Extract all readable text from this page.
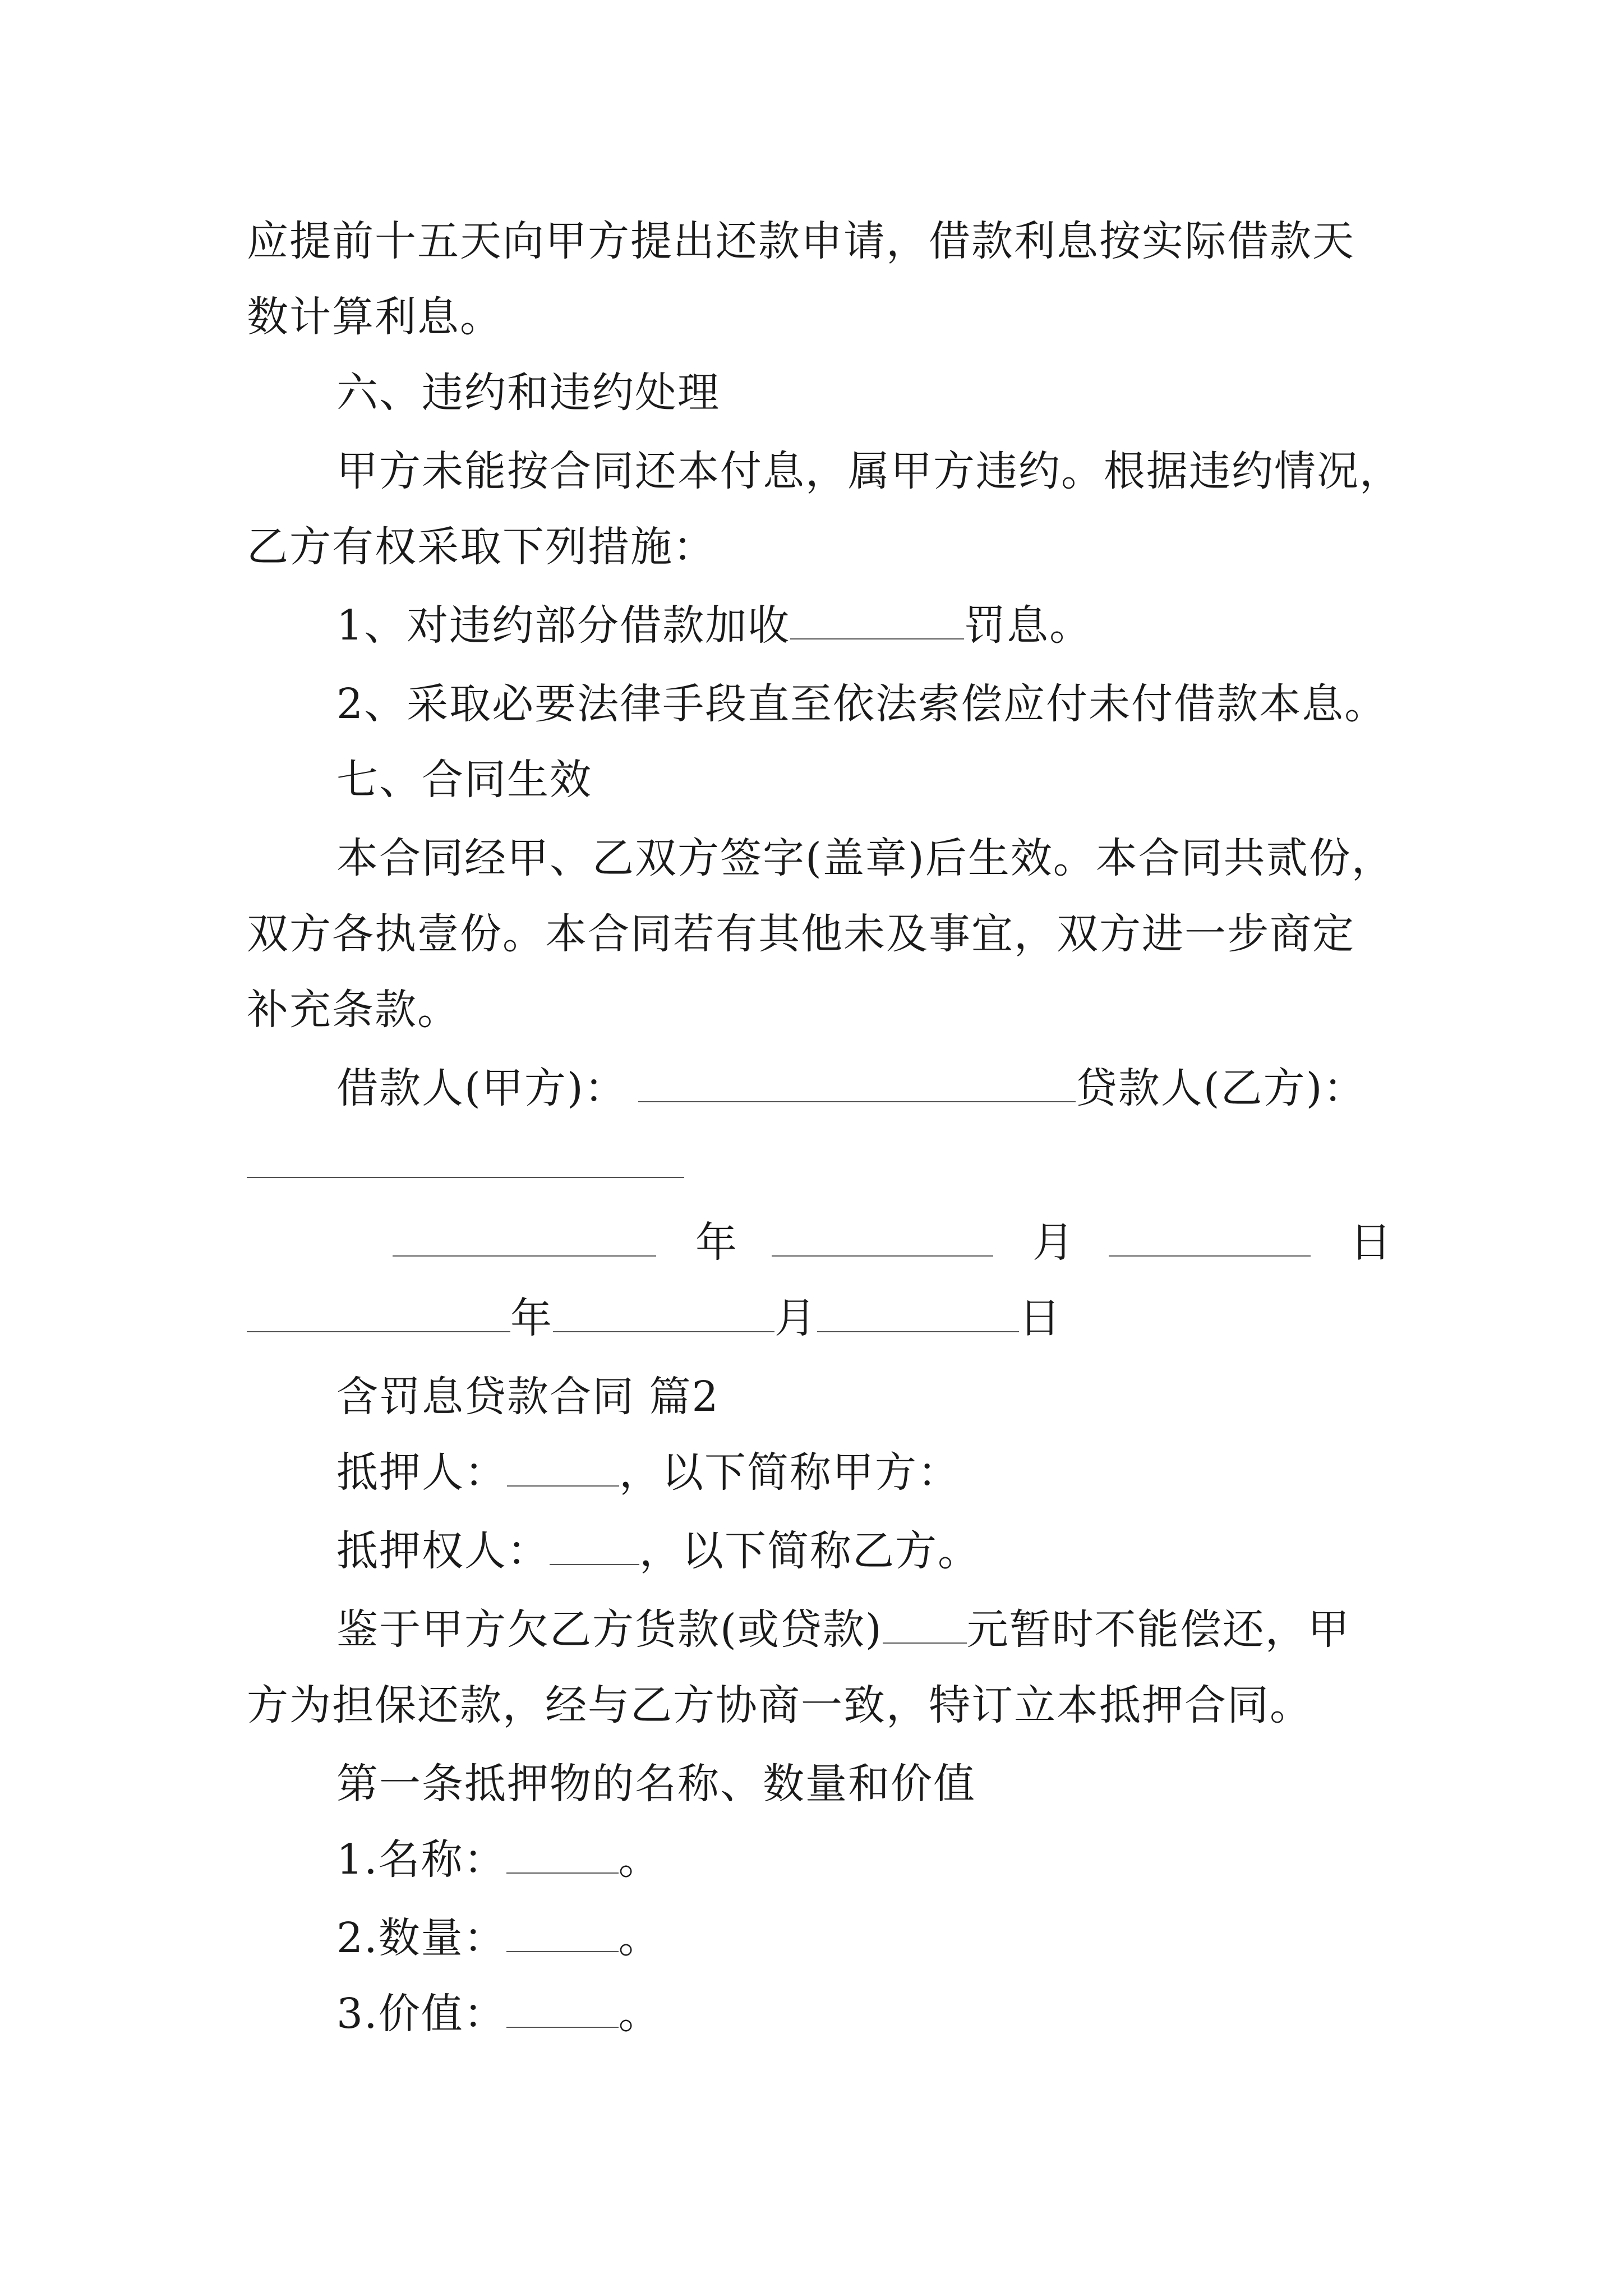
应提前十五天向甲方提出还款申请，借款利息按实际借款天
数计算利息。
六、违约和违约处理
甲方未能按合同还本付息，属甲方违约。根据违约情况，
乙方有权采取下列措施：
1、对违约部分借款加收	罚息。
2、采取必要法律手段直至依法索偿应付未付借款本息。
七、合同生效
本合同经甲、乙双方签字(盖章)后生效。本合同共贰份，
双方各执壹份。本合同若有其他未及事宜，双方进一步商定
补充条款。
借款人(甲方)：	贷款人(乙方)：
年	月	日
年	月	日
含罚息贷款合同 篇2
抵押人：	，以下简称甲方：
抵押权人： ，以下简称乙方。
鉴于甲方欠乙方货款(或贷款) 元暂时不能偿还，甲
方为担保还款，经与乙方协商一致，特订立本抵押合同。
第一条抵押物的名称、数量和价值
1.名称：	。
2.数量：	。
3.价值：	。
